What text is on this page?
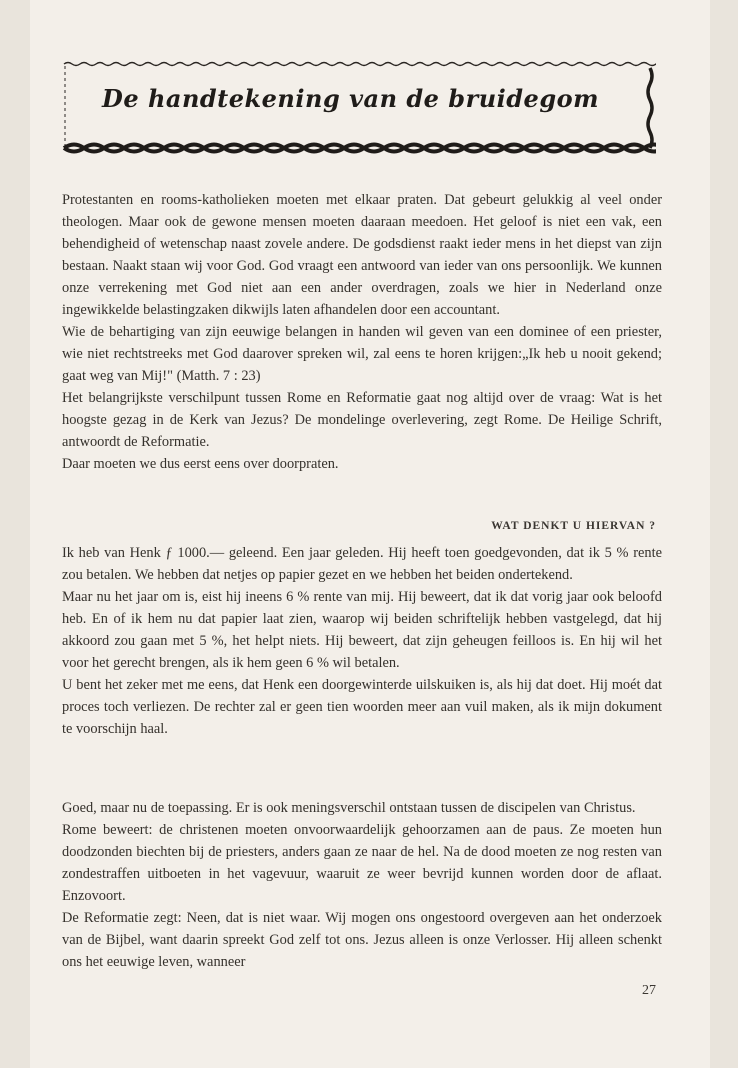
De handtekening van de bruidegom

Protestanten en rooms-katholieken moeten met elkaar praten. Dat gebeurt gelukkig al veel onder theologen. Maar ook de gewone mensen moeten daaraan meedoen. Het geloof is niet een vak, een behendigheid of wetenschap naast zovele andere. De godsdienst raakt ieder mens in het diepst van zijn bestaan. Naakt staan wij voor God. God vraagt een antwoord van ieder van ons persoonlijk. We kunnen onze verrekening met God niet aan een ander overdragen, zoals we hier in Nederland onze ingewikkelde belastingzaken dikwijls laten afhandelen door een accountant.

Wie de behartiging van zijn eeuwige belangen in handen wil geven van een dominee of een priester, wie niet rechtstreeks met God daarover spreken wil, zal eens te horen krijgen:„Ik heb u nooit gekend; gaat weg van Mij!" (Matth. 7 : 23)

Het belangrijkste verschilpunt tussen Rome en Reformatie gaat nog altijd over de vraag: Wat is het hoogste gezag in de Kerk van Jezus? De mondelinge overlevering, zegt Rome. De Heilige Schrift, antwoordt de Reformatie.

Daar moeten we dus eerst eens over doorpraten.

WAT DENKT U HIERVAN ?

Ik heb van Henk ƒ 1000.— geleend. Een jaar geleden. Hij heeft toen goedgevonden, dat ik 5 % rente zou betalen. We hebben dat netjes op papier gezet en we hebben het beiden ondertekend.

Maar nu het jaar om is, eist hij ineens 6 % rente van mij. Hij beweert, dat ik dat vorig jaar ook beloofd heb. En of ik hem nu dat papier laat zien, waarop wij beiden schriftelijk hebben vastgelegd, dat hij akkoord zou gaan met 5 %, het helpt niets. Hij beweert, dat zijn geheugen feilloos is. En hij wil het voor het gerecht brengen, als ik hem geen 6 % wil betalen.

U bent het zeker met me eens, dat Henk een doorgewinterde uilskuiken is, als hij dat doet. Hij moét dat proces toch verliezen. De rechter zal er geen tien woorden meer aan vuil maken, als ik mijn dokument te voorschijn haal.

Goed, maar nu de toepassing. Er is ook meningsverschil ontstaan tussen de discipelen van Christus.

Rome beweert: de christenen moeten onvoorwaardelijk gehoorzamen aan de paus. Ze moeten hun doodzonden biechten bij de priesters, anders gaan ze naar de hel. Na de dood moeten ze nog resten van zondestraffen uitboeten in het vagevuur, waaruit ze weer bevrijd kunnen worden door de aflaat. Enzovoort.

De Reformatie zegt: Neen, dat is niet waar. Wij mogen ons ongestoord overgeven aan het onderzoek van de Bijbel, want daarin spreekt God zelf tot ons. Jezus alleen is onze Verlosser. Hij alleen schenkt ons het eeuwige leven, wanneer

27
